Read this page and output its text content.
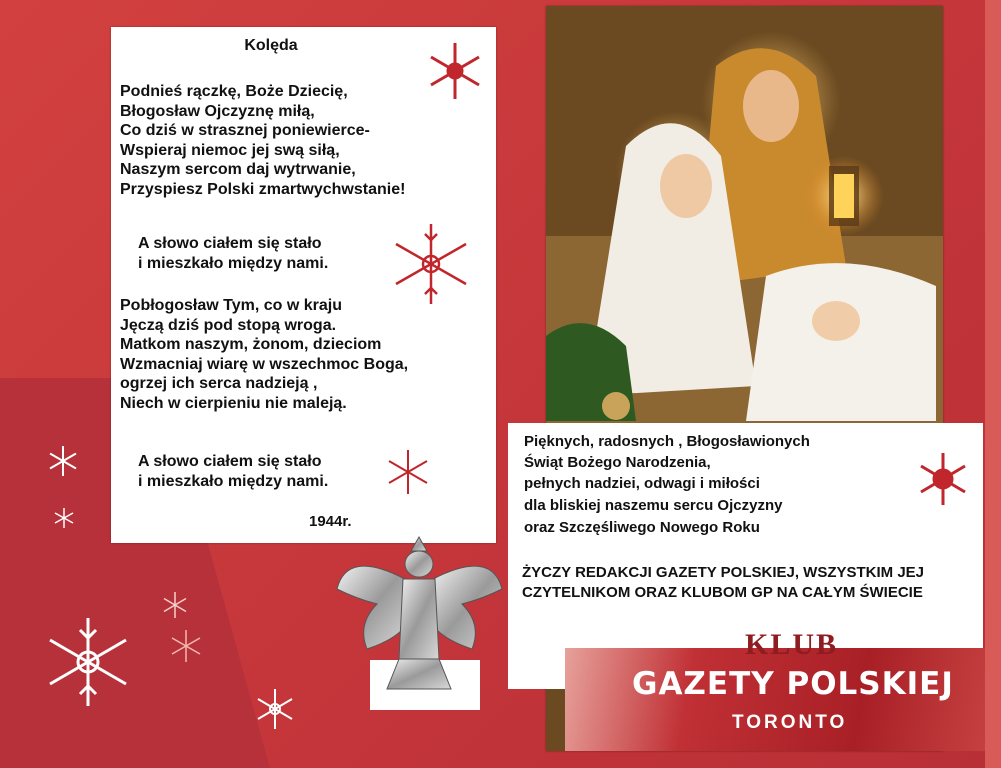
Kolęda
Podnieś rączkę, Boże Dziecię,
Błogosław Ojczyznę miłą,
Co dziś w strasznej poniewierce-
Wspieraj niemoc jej swą siłą,
Naszym sercom daj wytrwanie,
Przyspiesz Polski zmartwychwstanie!
A słowo ciałem się stało
i mieszkało między nami.
Pobłogosław Tym, co w kraju
Jęczą dziś pod stopą wroga.
Matkom naszym, żonom, dzieciom
Wzmacniaj wiarę w wszechmoc Boga,
ogrzej ich serca nadzieją ,
Niech w cierpieniu nie maleją.
A słowo ciałem się stało
i mieszkało między nami.
1944r.
Pięknych, radosnych , Błogosławionych
Świąt Bożego Narodzenia,
pełnych nadziei, odwagi i miłości
dla bliskiej naszemu sercu Ojczyzny
oraz Szczęśliwego Nowego Roku
ŻYCZY REDAKCJI GAZETY POLSKIEJ, WSZYSTKIM JEJ CZYTELNIKOM ORAZ KLUBOM GP NA CAŁYM ŚWIECIE
KLUB
GAZETY POLSKIEJ
TORONTO
